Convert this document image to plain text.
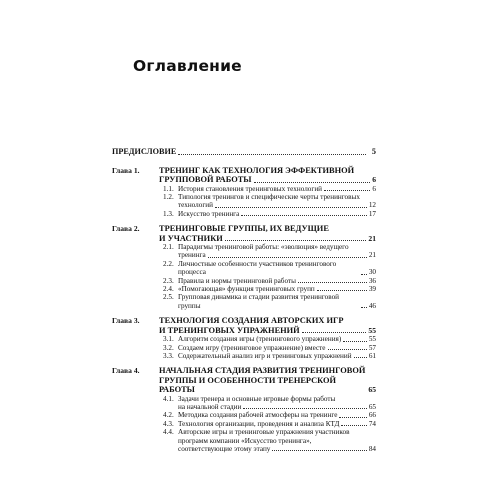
Оглавление
ПРЕДИСЛОВИЕ	5
Глава 1.	ТРЕНИНГ КАК ТЕХНОЛОГИЯ ЭФФЕКТИВНОЙ
ГРУППОВОЙ РАБОТЫ	6
1.1. История становления тренинговых технологий	6
1.2. Типология тренингов и специфические черты тренинговых
технологий	12
1.3. Искусство тренинга	17
Глава 2.	ТРЕНИНГОВЫЕ ГРУППЫ, ИХ ВЕДУЩИЕ
И УЧАСТНИКИ	21
2.1. Парадигмы тренинговой работы: «эволюция» ведущего
тренинга	21
2.2. Личностные особенности участников тренингового процесса	30
2.3. Правила и нормы тренинговой работы	36
2.4. «Помогающая» функция тренинговых групп	39
2.5. Групповая динамика и стадии развития тренинговой группы	46
Глава 3.	ТЕХНОЛОГИЯ СОЗДАНИЯ АВТОРСКИХ ИГР
И ТРЕНИНГОВЫХ УПРАЖНЕНИЙ	55
3.1. Алгоритм создания игры (тренингового упражнения)	55
3.2. Создаем игру (тренинговое упражнение) вместе	57
3.3. Содержательный анализ игр и тренинговых упражнений 61
Глава 4.	НАЧАЛЬНАЯ СТАДИЯ РАЗВИТИЯ ТРЕНИНГОВОЙ
ГРУППЫ И ОСОБЕННОСТИ ТРЕНЕРСКОЙ РАБОТЫ	65
4.1. Задачи тренера и основные игровые формы работы
на начальной стадии	65
4.2. Методика создания рабочей атмосферы на тренинге	66
4.3. Технология организации, проведения и анализа КТД	74
4.4. Авторские игры и тренинговые упражнения участников
программ компании «Искусство тренинга»,
соответствующие этому этапу	84
